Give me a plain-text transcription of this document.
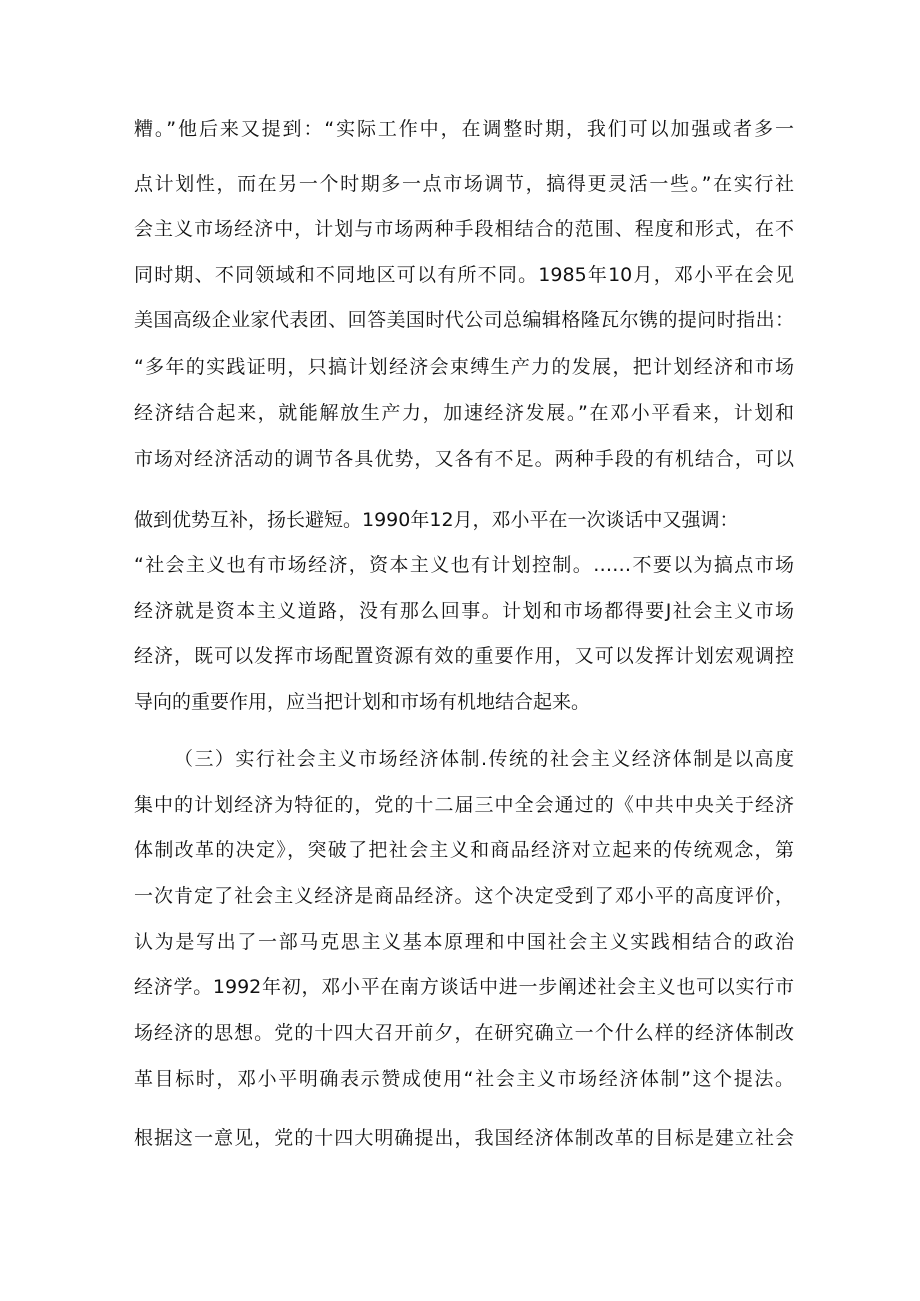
糟。”他后来又提到：“实际工作中，在调整时期，我们可以加强或者多一
点计划性，而在另一个时期多一点市场调节，搞得更灵活一些。”在实行社
会主义市场经济中，计划与市场两种手段相结合的范围、程度和形式，在不
同时期、不同领域和不同地区可以有所不同。1985年10月，邓小平在会见
美国高级企业家代表团、回答美国时代公司总编辑格隆瓦尔镌的提问时指出：
“多年的实践证明，只搞计划经济会束缚生产力的发展，把计划经济和市场
经济结合起来，就能解放生产力，加速经济发展。”在邓小平看来，计划和
市场对经济活动的调节各具优势，又各有不足。两种手段的有机结合，可以
做到优势互补，扬长避短。1990年12月，邓小平在一次谈话中又强调：
“社会主义也有市场经济，资本主义也有计划控制。……不要以为搞点市场
经济就是资本主义道路，没有那么回事。计划和市场都得要J社会主义市场
经济，既可以发挥市场配置资源有效的重要作用，又可以发挥计划宏观调控
导向的重要作用，应当把计划和市场有机地结合起来。
（三）实行社会主义市场经济体制.传统的社会主义经济体制是以高度
集中的计划经济为特征的，党的十二届三中全会通过的《中共中央关于经济
体制改革的决定》，突破了把社会主义和商品经济对立起来的传统观念，第
一次肯定了社会主义经济是商品经济。这个决定受到了邓小平的高度评价，
认为是写出了一部马克思主义基本原理和中国社会主义实践相结合的政治
经济学。1992年初，邓小平在南方谈话中进一步阐述社会主义也可以实行市
场经济的思想。党的十四大召开前夕，在研究确立一个什么样的经济体制改
革目标时，邓小平明确表示赞成使用“社会主义市场经济体制”这个提法。
根据这一意见，党的十四大明确提出，我国经济体制改革的目标是建立社会
